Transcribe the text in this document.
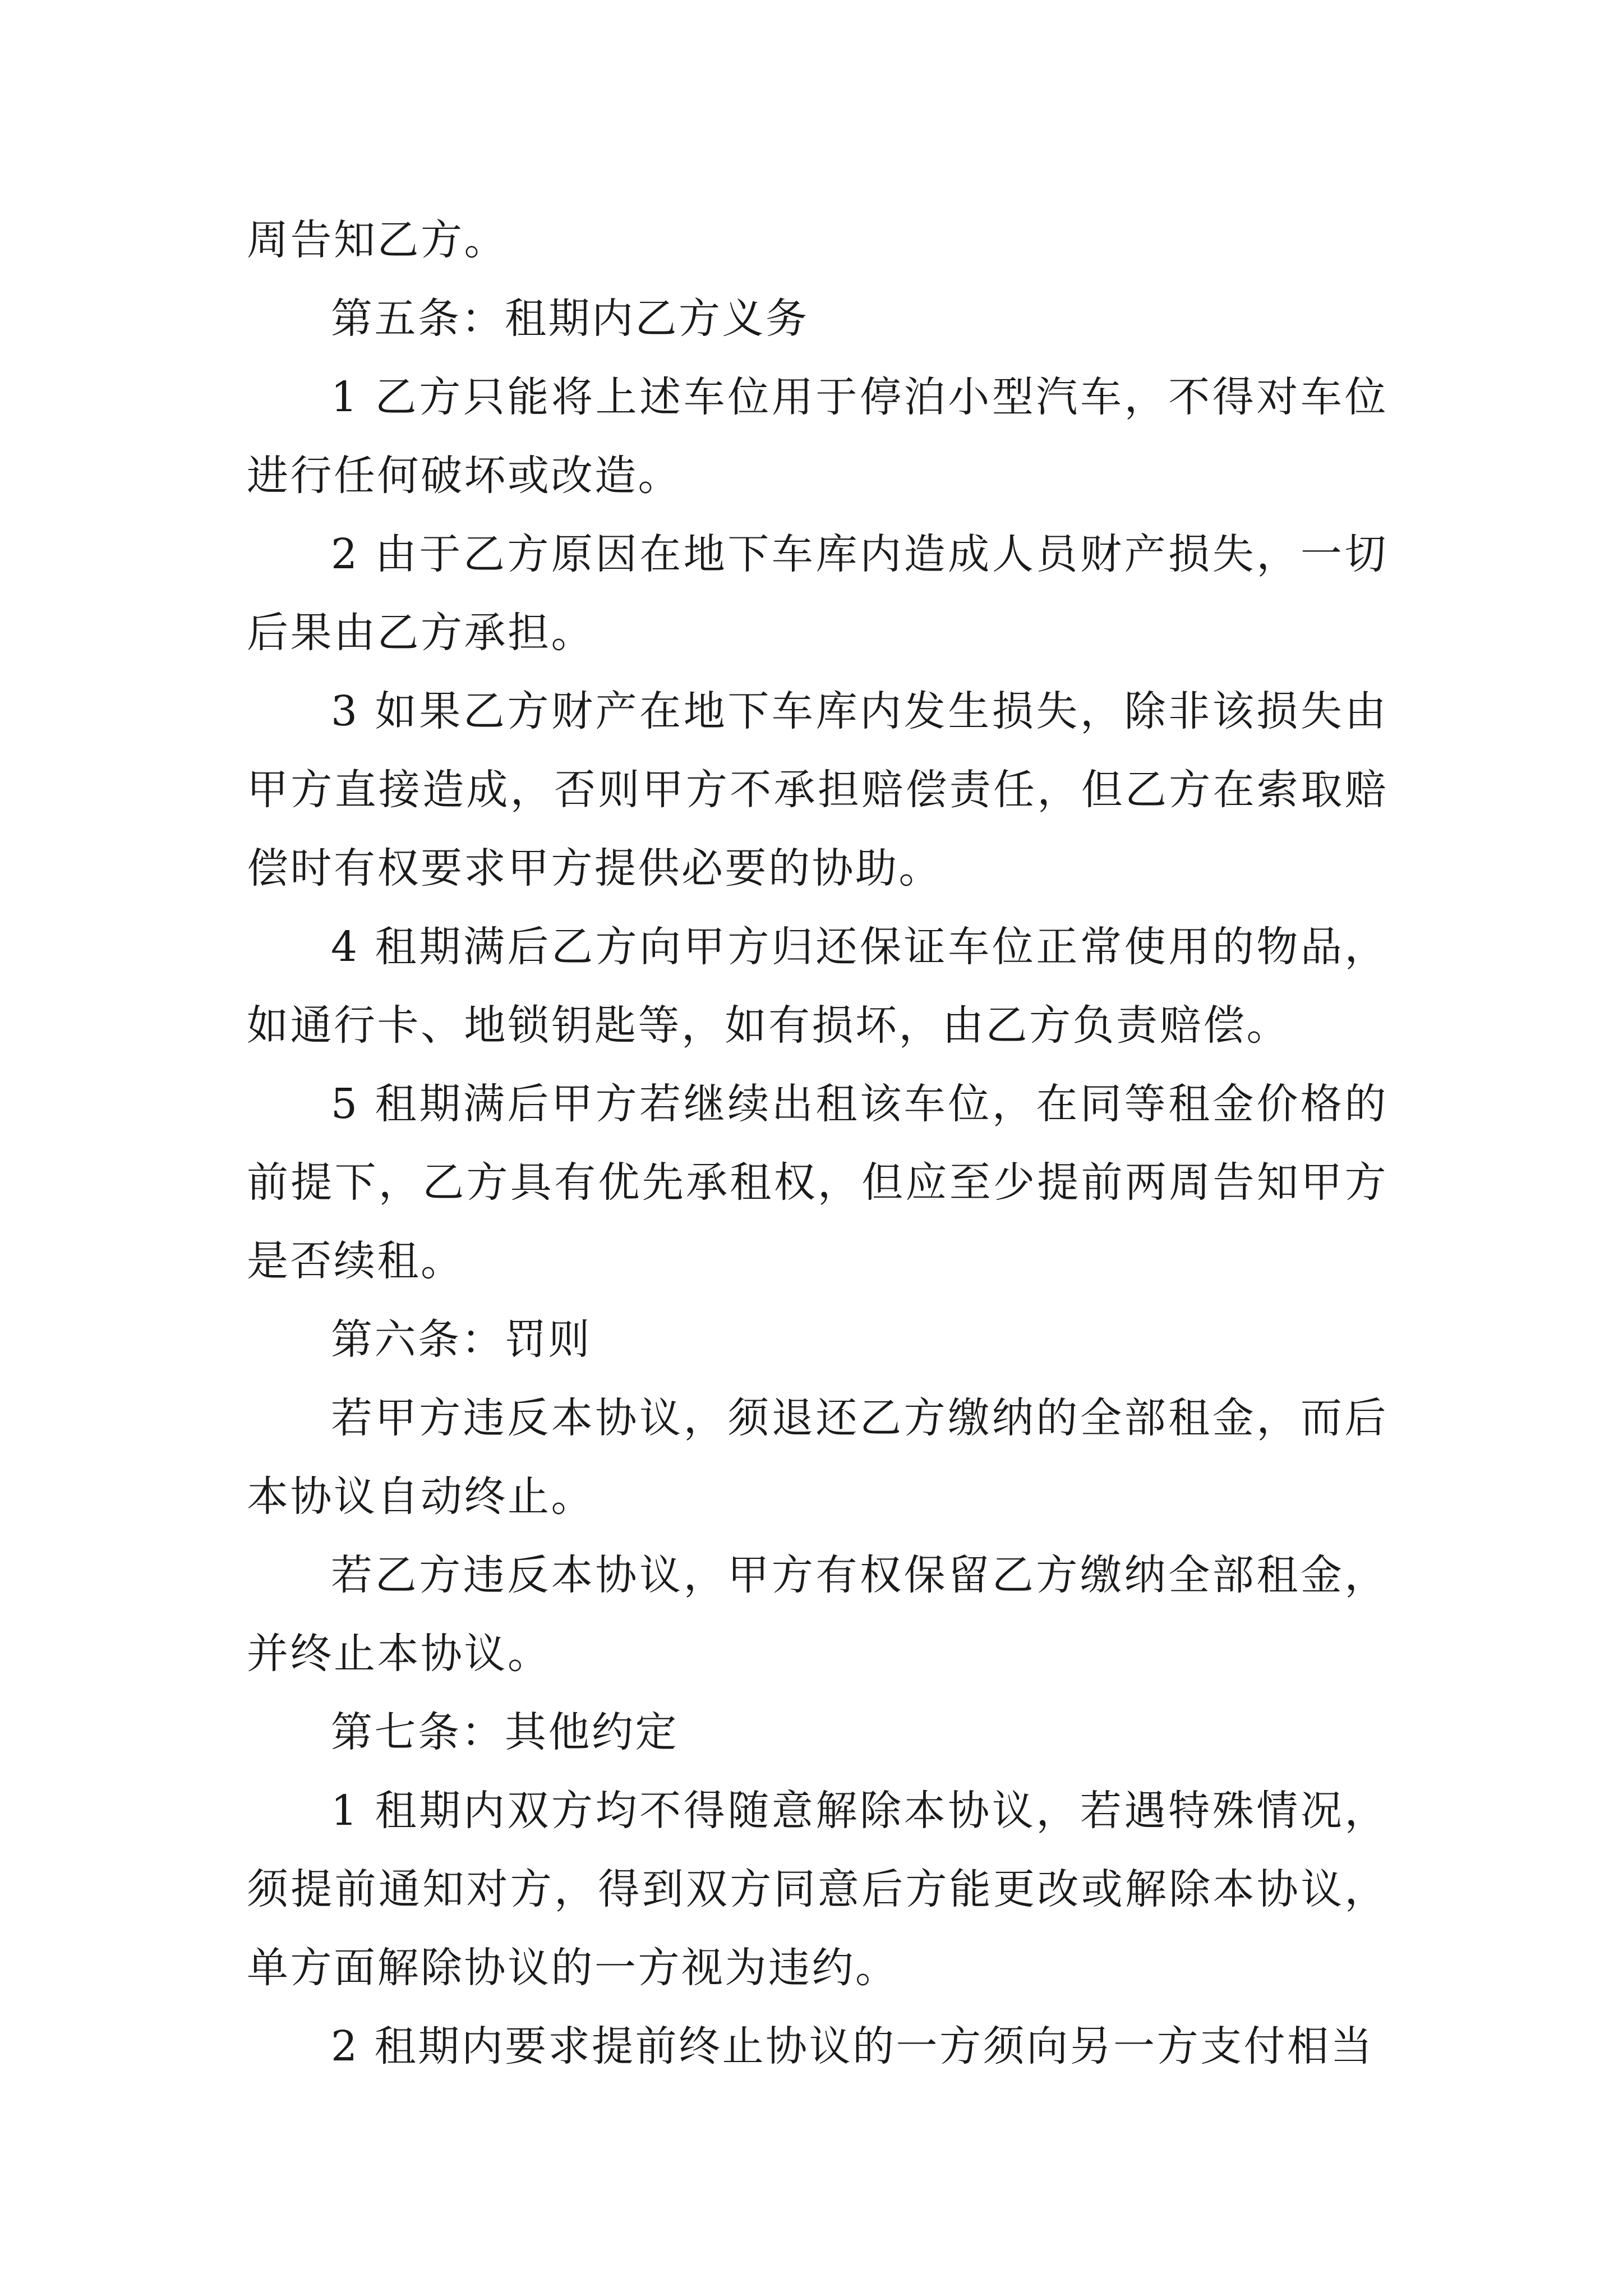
周告知乙方。

第五条：租期内乙方义务

1 乙方只能将上述车位用于停泊小型汽车，不得对车位进行任何破坏或改造。

2 由于乙方原因在地下车库内造成人员财产损失，一切后果由乙方承担。

3 如果乙方财产在地下车库内发生损失，除非该损失由甲方直接造成，否则甲方不承担赔偿责任，但乙方在索取赔偿时有权要求甲方提供必要的协助。

4 租期满后乙方向甲方归还保证车位正常使用的物品，如通行卡、地锁钥匙等，如有损坏，由乙方负责赔偿。

5 租期满后甲方若继续出租该车位，在同等租金价格的前提下，乙方具有优先承租权，但应至少提前两周告知甲方是否续租。

第六条：罚则

若甲方违反本协议，须退还乙方缴纳的全部租金，而后本协议自动终止。

若乙方违反本协议，甲方有权保留乙方缴纳全部租金，并终止本协议。

第七条：其他约定

1 租期内双方均不得随意解除本协议，若遇特殊情况，须提前通知对方，得到双方同意后方能更改或解除本协议，单方面解除协议的一方视为违约。

2 租期内要求提前终止协议的一方须向另一方支付相当
